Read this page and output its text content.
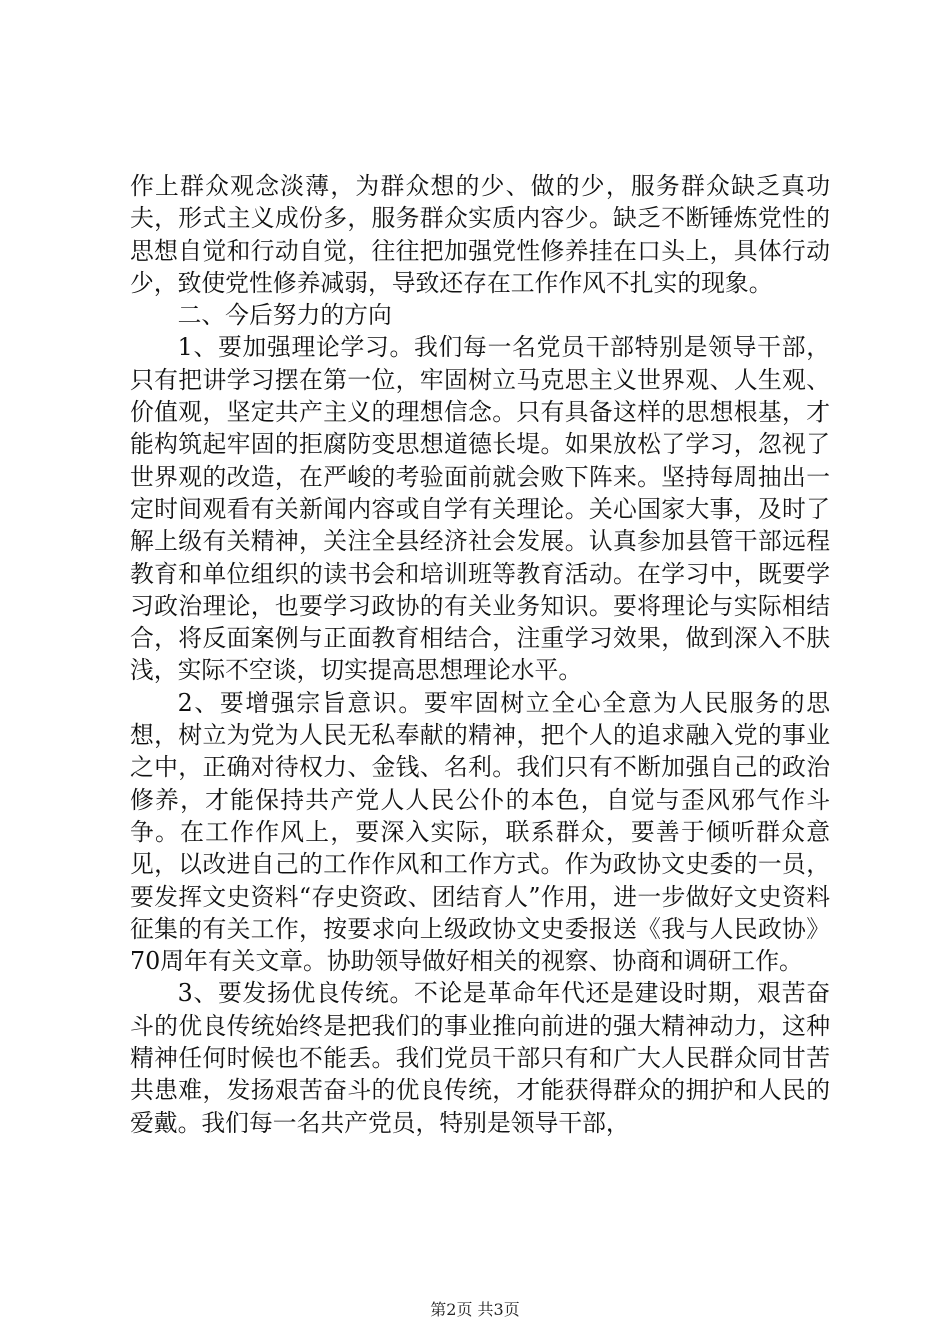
作上群众观念淡薄，为群众想的少、做的少，服务群众缺乏真功夫，形式主义成份多，服务群众实质内容少。缺乏不断锤炼党性的思想自觉和行动自觉，往往把加强党性修养挂在口头上，具体行动少，致使党性修养减弱，导致还存在工作作风不扎实的现象。

二、今后努力的方向

1、要加强理论学习。我们每一名党员干部特别是领导干部，只有把讲学习摆在第一位，牢固树立马克思主义世界观、人生观、价值观，坚定共产主义的理想信念。只有具备这样的思想根基，才能构筑起牢固的拒腐防变思想道德长堤。如果放松了学习，忽视了世界观的改造，在严峻的考验面前就会败下阵来。坚持每周抽出一定时间观看有关新闻内容或自学有关理论。关心国家大事，及时了解上级有关精神，关注全县经济社会发展。认真参加县管干部远程教育和单位组织的读书会和培训班等教育活动。在学习中，既要学习政治理论，也要学习政协的有关业务知识。要将理论与实际相结合，将反面案例与正面教育相结合，注重学习效果，做到深入不肤浅，实际不空谈，切实提高思想理论水平。

2、要增强宗旨意识。要牢固树立全心全意为人民服务的思想，树立为党为人民无私奉献的精神，把个人的追求融入党的事业之中，正确对待权力、金钱、名利。我们只有不断加强自己的政治修养，才能保持共产党人人民公仆的本色，自觉与歪风邪气作斗争。在工作作风上，要深入实际，联系群众，要善于倾听群众意见，以改进自己的工作作风和工作方式。作为政协文史委的一员，要发挥文史资料“存史资政、团结育人”作用，进一步做好文史资料征集的有关工作，按要求向上级政协文史委报送《我与人民政协》70周年有关文章。协助领导做好相关的视察、协商和调研工作。

3、要发扬优良传统。不论是革命年代还是建设时期，艰苦奋斗的优良传统始终是把我们的事业推向前进的强大精神动力，这种精神任何时候也不能丢。我们党员干部只有和广大人民群众同甘苦共患难，发扬艰苦奋斗的优良传统，才能获得群众的拥护和人民的爱戴。我们每一名共产党员，特别是领导干部，

第2页 共3页
